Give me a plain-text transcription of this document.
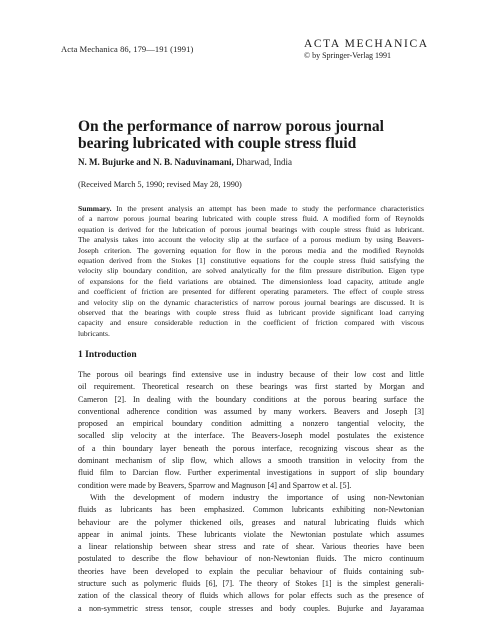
Acta Mechanica 86, 179—191 (1991)	ACTA MECHANICA
© by Springer-Verlag 1991
On the performance of narrow porous journal
bearing lubricated with couple stress fluid
N. M. Bujurke and N. B. Naduvinamani, Dharwad, India
(Received March 5, 1990; revised May 28, 1990)
Summary. In the present analysis an attempt has been made to study the performance characteristics
of a narrow porous journal bearing lubricated with couple stress fluid. A modified form of Reynolds
equation is derived for the lubrication of porous journal bearings with couple stress fluid as lubricant.
The analysis takes into account the velocity slip at the surface of a porous medium by using Beavers-
Joseph criterion. The governing equation for flow in the porous media and the modified Reynolds
equation derived from the Stokes [1] constitutive equations for the couple stress fluid satisfying the
velocity slip boundary condition, are solved analytically for the film pressure distribution. Eigen type
of expansions for the field variations are obtained. The dimensionless load capacity, attitude angle
and coefficient of friction are presented for different operating parameters. The effect of couple stress
and velocity slip on the dynamic characteristics of narrow porous journal bearings are discussed. It is
observed that the bearings with couple stress fluid as lubricant provide significant load carrying
capacity and ensure considerable reduction in the coefficient of friction compared with viscous
lubricants.
1 Introduction
The porous oil bearings find extensive use in industry because of their low cost and little
oil requirement. Theoretical research on these bearings was first started by Morgan and
Cameron [2]. In dealing with the boundary conditions at the porous bearing surface the
conventional adherence condition was assumed by many workers. Beavers and Joseph [3]
proposed an empirical boundary condition admitting a nonzero tangential velocity, the
socalled slip velocity at the interface. The Beavers-Joseph model postulates the existence
of a thin boundary layer beneath the porous interface, recognizing viscous shear as the
dominant mechanism of slip flow, which allows a smooth transition in velocity from the
fluid film to Darcian flow. Further experimental investigations in support of slip boundary
condition were made by Beavers, Sparrow and Magnuson [4] and Sparrow et al. [5].
With the development of modern industry the importance of using non-Newtonian
fluids as lubricants has been emphasized. Common lubricants exhibiting non-Newtonian
behaviour are the polymer thickened oils, greases and natural lubricating fluids which
appear in animal joints. These lubricants violate the Newtonian postulate which assumes
a linear relationship between shear stress and rate of shear. Various theories have been
postulated to describe the flow behaviour of non-Newtonian fluids. The micro continuum
theories have been developed to explain the peculiar behaviour of fluids containing sub-
structure such as polymeric fluids [6], [7]. The theory of Stokes [1] is the simplest generali-
zation of the classical theory of fluids which allows for polar effects such as the presence of
a non-symmetric stress tensor, couple stresses and body couples. Bujurke and Jayaramaa
